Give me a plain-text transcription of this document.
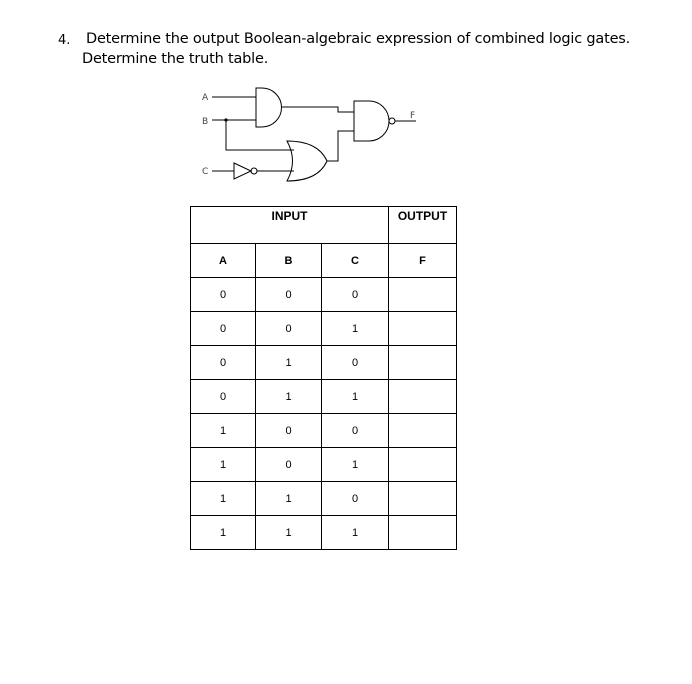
4. Determine the output Boolean-algebraic expression of combined logic gates.
Determine the truth table.
A
B
C
F
INPUT			OUTPUT
A	B	C	F
0	0	0	
0	0	1	
0	1	0	
0	1	1	
1	0	0	
1	0	1	
1	1	0	
1	1	1	
